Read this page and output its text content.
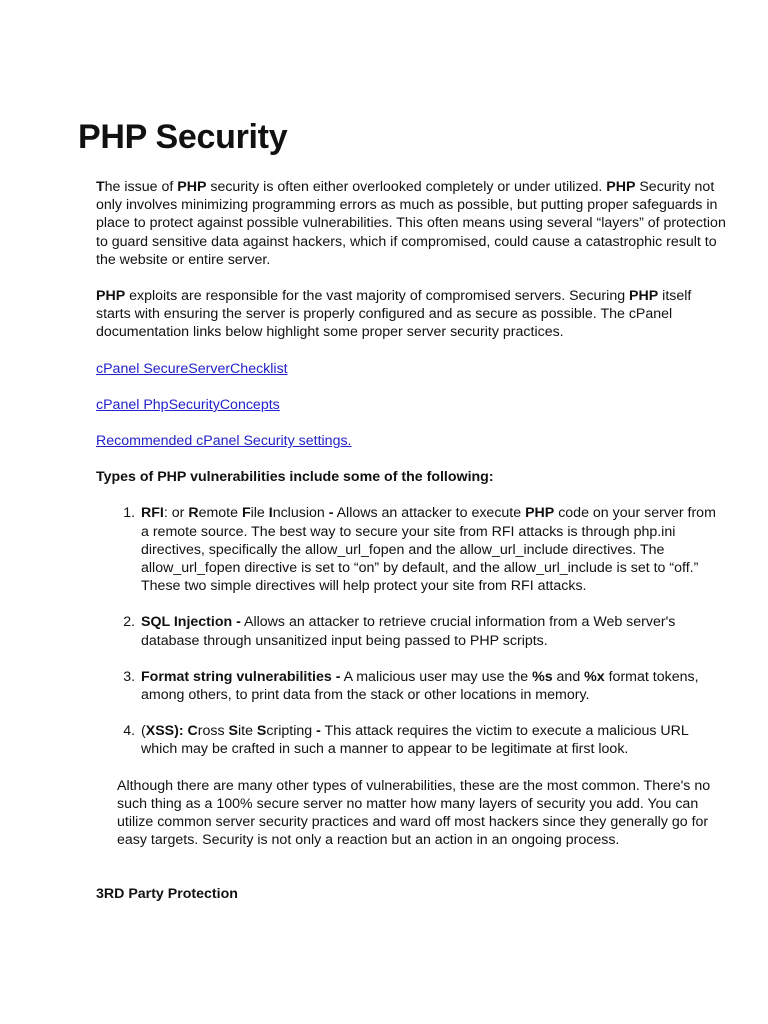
PHP Security

The issue of PHP security is often either overlooked completely or under utilized. PHP Security not only involves minimizing programming errors as much as possible, but putting proper safeguards in place to protect against possible vulnerabilities. This often means using several “layers” of protection to guard sensitive data against hackers, which if compromised, could cause a catastrophic result to the website or entire server.

PHP exploits are responsible for the vast majority of compromised servers. Securing PHP itself starts with ensuring the server is properly configured and as secure as possible. The cPanel documentation links below highlight some proper server security practices.

cPanel SecureServerChecklist
cPanel PhpSecurityConcepts
Recommended cPanel Security settings.

Types of PHP vulnerabilities include some of the following:

1. RFI: or Remote File Inclusion - Allows an attacker to execute PHP code on your server from a remote source. The best way to secure your site from RFI attacks is through php.ini directives, specifically the allow_url_fopen and the allow_url_include directives. The allow_url_fopen directive is set to “on” by default, and the allow_url_include is set to “off.” These two simple directives will help protect your site from RFI attacks.
2. SQL Injection - Allows an attacker to retrieve crucial information from a Web server's database through unsanitized input being passed to PHP scripts.
3. Format string vulnerabilities - A malicious user may use the %s and %x format tokens, among others, to print data from the stack or other locations in memory.
4. (XSS): Cross Site Scripting - This attack requires the victim to execute a malicious URL which may be crafted in such a manner to appear to be legitimate at first look.

Although there are many other types of vulnerabilities, these are the most common. There's no such thing as a 100% secure server no matter how many layers of security you add. You can utilize common server security practices and ward off most hackers since they generally go for easy targets. Security is not only a reaction but an action in an ongoing process.

3RD Party Protection
